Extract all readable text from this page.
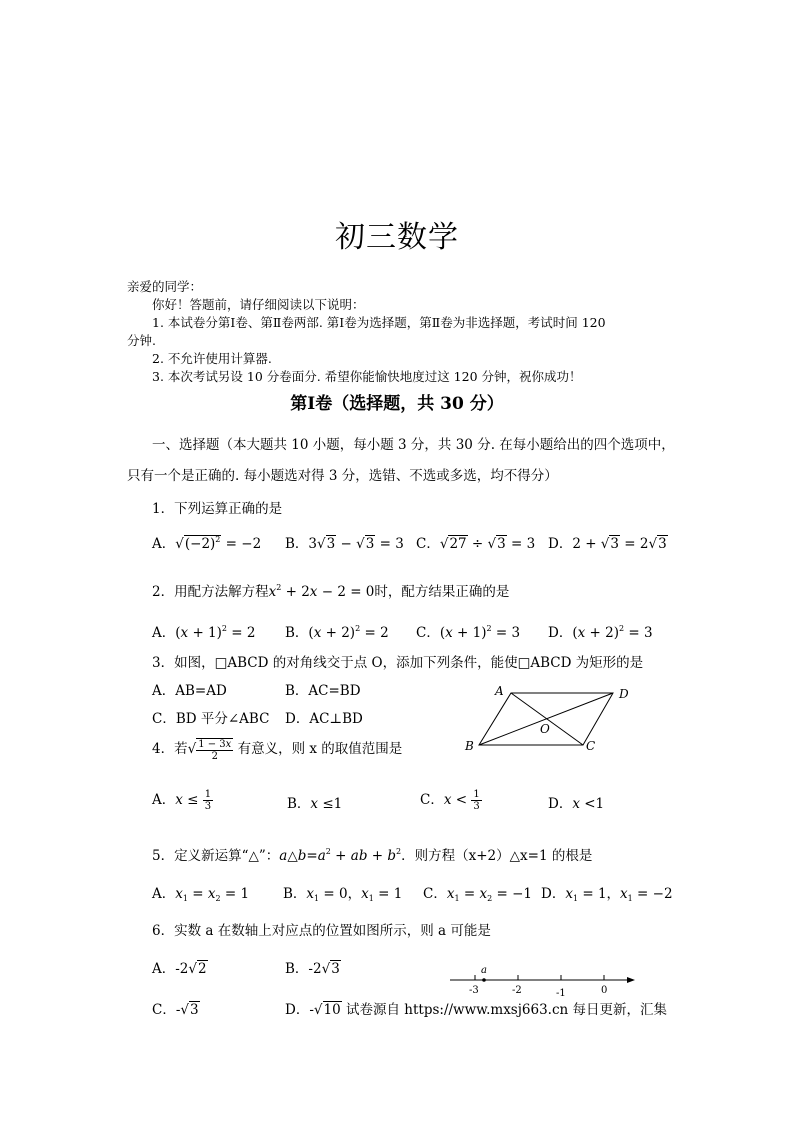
初三数学
亲爱的同学：
你好！答题前，请仔细阅读以下说明：
1. 本试卷分第Ⅰ卷、第Ⅱ卷两部. 第Ⅰ卷为选择题，第Ⅱ卷为非选择题，考试时间 120
分钟.
2. 不允许使用计算器.
3. 本次考试另设 10 分卷面分. 希望你能愉快地度过这 120 分钟，祝你成功！
第Ⅰ卷（选择题，共 30 分）
一、选择题（本大题共 10 小题，每小题 3 分，共 30 分. 在每小题给出的四个选项中，
只有一个是正确的. 每小题选对得 3 分，选错、不选或多选，均不得分）
1．下列运算正确的是
A．$√(-2)^2 = -2$ B．3√3 − √3 = 3 C．√27 ÷ √3 = 3 D．2 + √3 = 2√3
2．用配方法解方程$x^2 + 2x - 2 = 0$时，配方结果正确的是
A．$(x + 1)^2 = 2$ B．$(x + 2)^2 = 2$ C．$(x + 1)^2 = 3$ D．$(x + 2)^2 = 3$
3．如图，□ABCD 的对角线交于点 O，添加下列条件，能使□ABCD 为矩形的是
A．AB=AD	B．AC=BD
C．BD 平分∠ABC D．AC⊥BD
A	D
B	C
O
4．若√ $\frac{1 - 3x}{2}$ 有意义，则 x 的取值范围是
A．$x \le \frac{1}{3}$	B．x ≤1	C．$x < \frac{1}{3}$	D．x <1
5．定义新运算“△”：$a\triangle b=a^2$ + ab + $b^2$．则方程（x+2）△x=1 的根是
A．$x_1 = x_2 = 1$	B．$x_1 = 0$，$x_1 = 1$ C．$x_1 = x_2 = -1$ D．$x_1 = 1$，$x_1 = -2$
6．实数 a 在数轴上对应点的位置如图所示，则 a 可能是
A．-2√2	B．-2√3
C．-√3	D．-√10 试卷源自 https://www.mxsj663.cn 每日更新，汇集
a
-3	-2	-1	0
